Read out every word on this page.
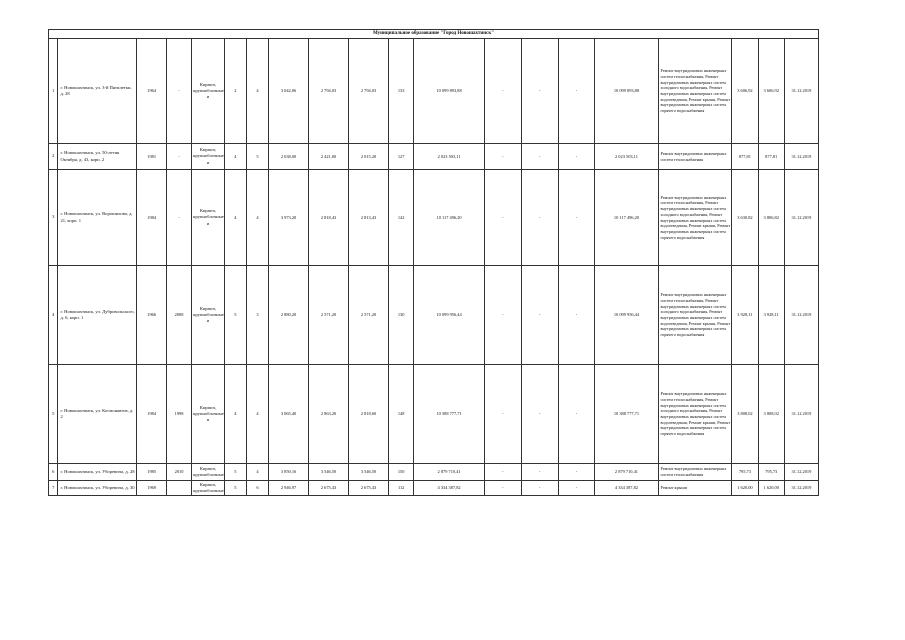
Муниципальное образование "Город Новошахтинск"																			
1	г. Новошахтинск, ул. 3-й Пятилетки, д. 28	1964	-	Кирпич, крупноблочные и	2	4	3 042,06	2 794,03	2 794,03	133	10 099 893,88	-	-	-	10 099 893,88	Ремонт внутридомовых инженерных систем теплоснабжения, Ремонт внутридомовых инженерных систем холодного водоснабжения, Ремонт внутридомовых инженерных систем водоотведения, Ремонт крыши, Ремонт внутридомовых инженерных систем горячего водоснабжения	3 606,92	3 606,92	31.12.2019
2	г. Новошахтинск, ул. 50-летия Октября, д. 43, корп. 2	1981	-	Кирпич, крупноблочные и	4	5	2 638,00	2 421,00	2 015,20	127	2 023 503,11	-	-	-	2 023 503,11	Ремонт внутридомовых инженерных систем теплоснабжения	877,81	877,81	31.12.2019
3	г. Новошахтинск, ул. Ворошилова, д. 21, корп. 1	1984	-	Кирпич, крупноблочные и	4	4	3 973,20	2 818,43	2 813,43	142	10 117 496,20	-	-	-	10 117 496,20	Ремонт внутридомовых инженерных систем теплоснабжения, Ремонт внутридомовых инженерных систем холодного водоснабжения, Ремонт внутридомовых инженерных систем водоотведения, Ремонт крыши, Ремонт внутридомовых инженерных систем горячего водоснабжения	3 630,82	3 806,82	31.12.2019
4	г. Новошахтинск, ул. Дубровольского, д. 6, корп. 1	1966	2008	Кирпич, крупноблочные и	5	3	2 880,20	2 571,20	2 571,20	130	10 099 956,44	-	-	-	10 099 956,44	Ремонт внутридомовых инженерных систем теплоснабжения, Ремонт внутридомовых инженерных систем холодного водоснабжения, Ремонт внутридомовых инженерных систем водоотведения, Ремонт крыши, Ремонт внутридомовых инженерных систем горячего водоснабжения	3 928,11	3 928,11	31.12.2019
5	г. Новошахтинск, ул. Космонавтов, д. 2	1984	1998	Кирпич, крупноблочные и	4	4	3 065,40	2 863,20	2 818,60	148	10 388 777,71	-	-	-	10 388 777,71	Ремонт внутридомовых инженерных систем теплоснабжения, Ремонт внутридомовых инженерных систем холодного водоснабжения, Ремонт внутридомовых инженерных систем водоотведения, Ремонт крыши, Ремонт внутридомовых инженерных систем горячего водоснабжения	3 808,02	3 808,02	31.12.2019
6	г. Новошахтинск, ул. Уборевича, д. 28	1985	2010	Кирпич, крупноблочные	5	4	3 850,16	3 546,50	3 546,50	150	2 879 710,41	-	-	-	2 879 710,41	Ремонт внутридомовых инженерных систем теплоснабжения	795,73	795,73	31.12.2019
7	г. Новошахтинск, ул. Уборевича, д. 30	1969		Кирпич, крупноблочные	5	6	2 946,97	2 675,43	2 675,43	112	4 334 387,82	-	-	-	4 334 387,82	Ремонт крыши	1 620,00	1 620,00	31.12.2019
